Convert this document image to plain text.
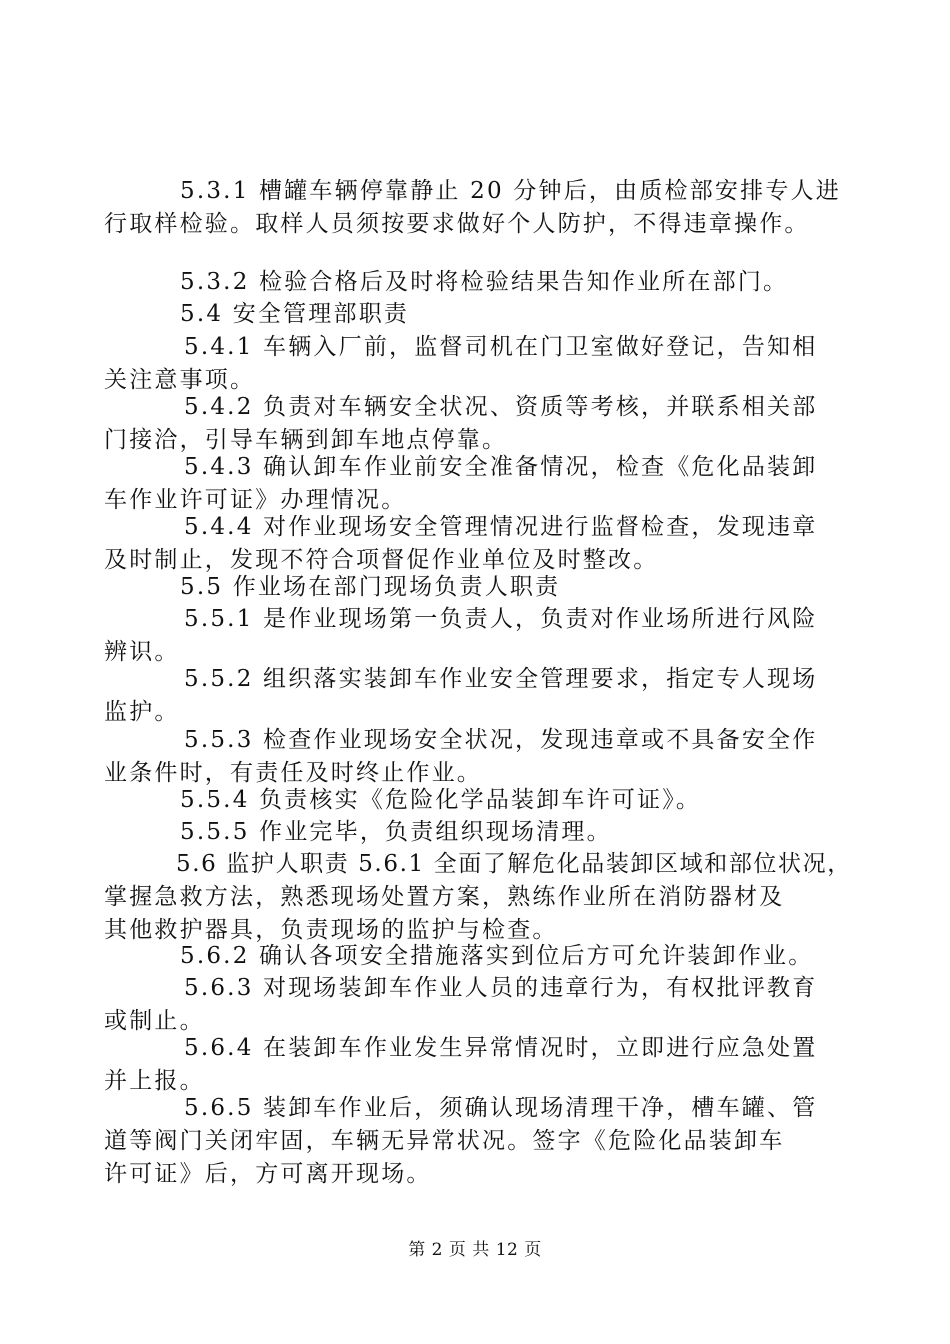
5.3.1 槽罐车辆停靠静止 20 分钟后，由质检部安排专人进
行取样检验。取样人员须按要求做好个人防护，不得违章操作。

5.3.2 检验合格后及时将检验结果告知作业所在部门。

5.4 安全管理部职责

5.4.1 车辆入厂前，监督司机在门卫室做好登记，告知相
关注意事项。

5.4.2 负责对车辆安全状况、资质等考核，并联系相关部
门接洽，引导车辆到卸车地点停靠。

5.4.3 确认卸车作业前安全准备情况，检查《危化品装卸
车作业许可证》办理情况。

5.4.4 对作业现场安全管理情况进行监督检查，发现违章
及时制止，发现不符合项督促作业单位及时整改。

5.5 作业场在部门现场负责人职责

5.5.1 是作业现场第一负责人，负责对作业场所进行风险
辨识。

5.5.2 组织落实装卸车作业安全管理要求，指定专人现场
监护。

5.5.3 检查作业现场安全状况，发现违章或不具备安全作
业条件时，有责任及时终止作业。

5.5.4 负责核实《危险化学品装卸车许可证》。

5.5.5 作业完毕，负责组织现场清理。

5.6 监护人职责 5.6.1 全面了解危化品装卸区域和部位状况，
掌握急救方法，熟悉现场处置方案，熟练作业所在消防器材及
其他救护器具，负责现场的监护与检查。

5.6.2 确认各项安全措施落实到位后方可允许装卸作业。

5.6.3 对现场装卸车作业人员的违章行为，有权批评教育
或制止。

5.6.4 在装卸车作业发生异常情况时，立即进行应急处置
并上报。

5.6.5 装卸车作业后，须确认现场清理干净，槽车罐、管
道等阀门关闭牢固，车辆无异常状况。签字《危险化品装卸车
许可证》后，方可离开现场。

第 2 页 共 12 页
